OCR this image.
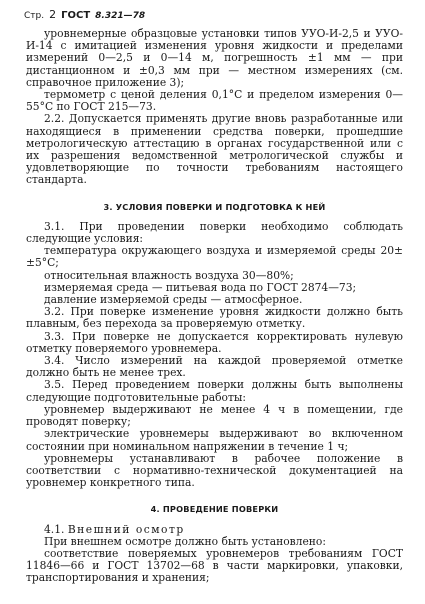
Стр. 2 ГОСТ 8.321—78

уровнемерные образцовые установки типов УУО-И-2,5 и УУО-И-14 с имитацией изменения уровня жидкости и пределами измерений 0—2,5 и 0—14 м, погрешность ±1 мм — при дистанционном и ±0,3 мм при — местном измерениях (см. справочное приложение 3);

термометр с ценой деления 0,1°С и пределом измерения 0—55°С по ГОСТ 215—73.

2.2. Допускается применять другие вновь разработанные или находящиеся в применении средства поверки, прошедшие метрологическую аттестацию в органах государственной или с их разрешения ведомственной метрологической службы и удовлетворяющие по точности требованиям настоящего стандарта.

3. УСЛОВИЯ ПОВЕРКИ И ПОДГОТОВКА К НЕЙ

3.1. При проведении поверки необходимо соблюдать следующие условия:

температура окружающего воздуха и измеряемой среды 20±±5°С;

относительная влажность воздуха 30—80%;

измеряемая среда — питьевая вода по ГОСТ 2874—73;

давление измеряемой среды — атмосферное.

3.2. При поверке изменение уровня жидкости должно быть плавным, без перехода за проверяемую отметку.

3.3. При поверке не допускается корректировать нулевую отметку поверяемого уровнемера.

3.4. Число измерений на каждой проверяемой отметке должно быть не менее трех.

3.5. Перед проведением поверки должны быть выполнены следующие подготовительные работы:

уровнемер выдерживают не менее 4 ч в помещении, где проводят поверку;

электрические уровнемеры выдерживают во включенном состоянии при номинальном напряжении в течение 1 ч;

уровнемеры устанавливают в рабочее положение в соответствии с нормативно-технической документацией на уровнемер конкретного типа.

4. ПРОВЕДЕНИЕ ПОВЕРКИ

4.1. Внешний осмотр

При внешнем осмотре должно быть установлено:

соответствие поверяемых уровнемеров требованиям ГОСТ 11846—66 и ГОСТ 13702—68 в части маркировки, упаковки, транспортирования и хранения;
